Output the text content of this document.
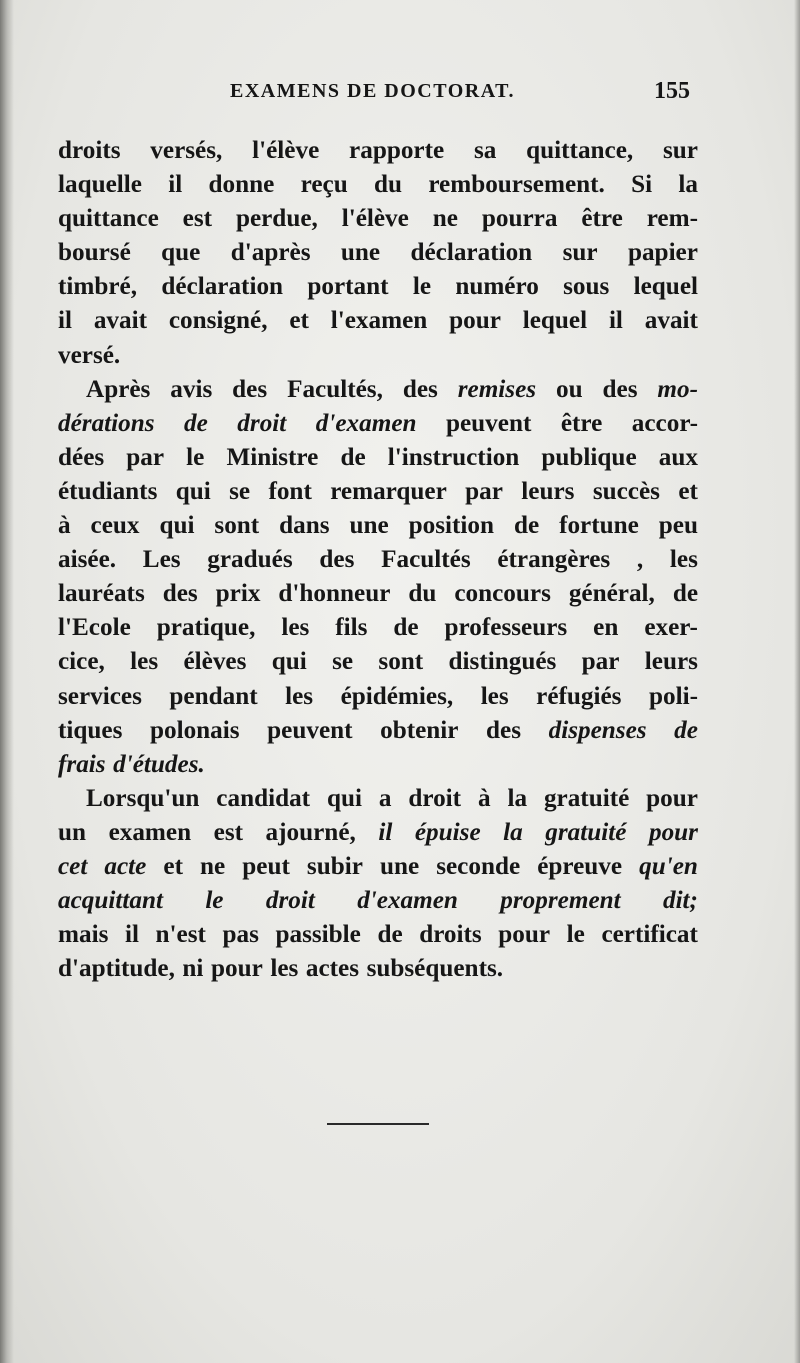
EXAMENS DE DOCTORAT.	155
droits versés, l'élève rapporte sa quittance, sur
laquelle il donne reçu du remboursement. Si la
quittance est perdue, l'élève ne pourra être rem-
boursé que d'après une déclaration sur papier
timbré, déclaration portant le numéro sous lequel
il avait consigné, et l'examen pour lequel il avait
versé.
Après avis des Facultés, des remises ou des mo-
dérations de droit d'examen peuvent être accor-
dées par le Ministre de l'instruction publique aux
étudiants qui se font remarquer par leurs succès et
à ceux qui sont dans une position de fortune peu
aisée. Les gradués des Facultés étrangères , les
lauréats des prix d'honneur du concours général, de
l'Ecole pratique, les fils de professeurs en exer-
cice, les élèves qui se sont distingués par leurs
services pendant les épidémies, les réfugiés poli-
tiques polonais peuvent obtenir des dispenses de
frais d'études.
Lorsqu'un candidat qui a droit à la gratuité pour
un examen est ajourné, il épuise la gratuité pour
cet acte et ne peut subir une seconde épreuve qu'en
acquittant le droit d'examen proprement dit;
mais il n'est pas passible de droits pour le certificat
d'aptitude, ni pour les actes subséquents.
